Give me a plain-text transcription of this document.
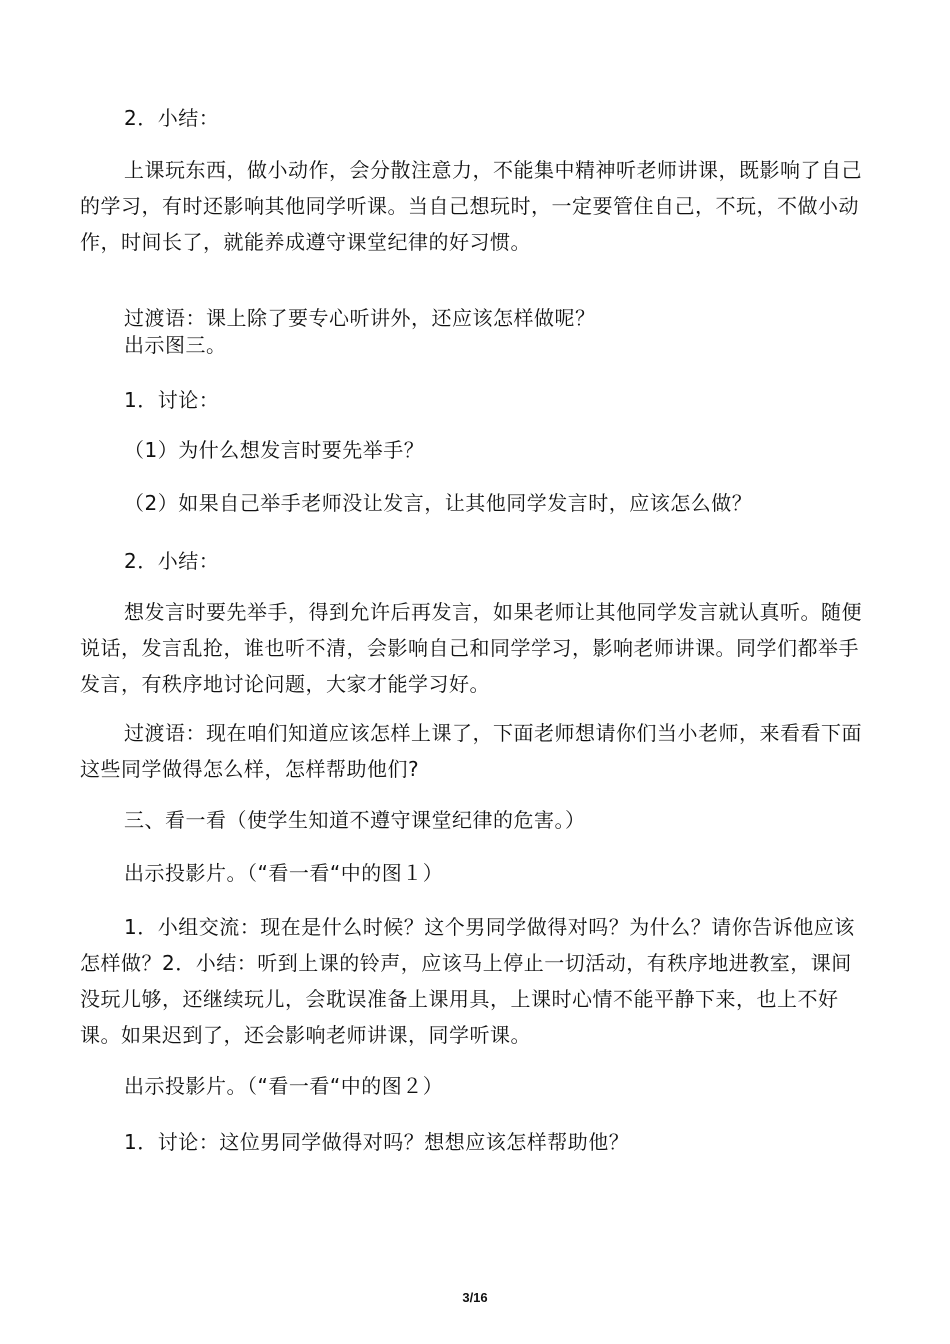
2．小结：

上课玩东西，做小动作，会分散注意力，不能集中精神听老师讲课，既影响了自己的学习，有时还影响其他同学听课。当自己想玩时，一定要管住自己，不玩，不做小动作，时间长了，就能养成遵守课堂纪律的好习惯。

过渡语：课上除了要专心听讲外，还应该怎样做呢？

出示图三。

1．讨论：

（1）为什么想发言时要先举手？

（2）如果自己举手老师没让发言，让其他同学发言时，应该怎么做？

2．小结：

想发言时要先举手，得到允许后再发言，如果老师让其他同学发言就认真听。随便说话，发言乱抢，谁也听不清，会影响自己和同学学习，影响老师讲课。同学们都举手发言，有秩序地讨论问题，大家才能学习好。

过渡语：现在咱们知道应该怎样上课了，下面老师想请你们当小老师，来看看下面这些同学做得怎么样，怎样帮助他们?

三、看一看（使学生知道不遵守课堂纪律的危害。）

出示投影片。（“看一看“中的图１）

1．小组交流：现在是什么时候？这个男同学做得对吗？为什么？请你告诉他应该怎样做？2．小结：听到上课的铃声，应该马上停止一切活动，有秩序地进教室，课间没玩儿够，还继续玩儿，会耽误准备上课用具，上课时心情不能平静下来，也上不好课。如果迟到了，还会影响老师讲课，同学听课。

出示投影片。（“看一看“中的图２）

1．讨论：这位男同学做得对吗？想想应该怎样帮助他？

3/16
